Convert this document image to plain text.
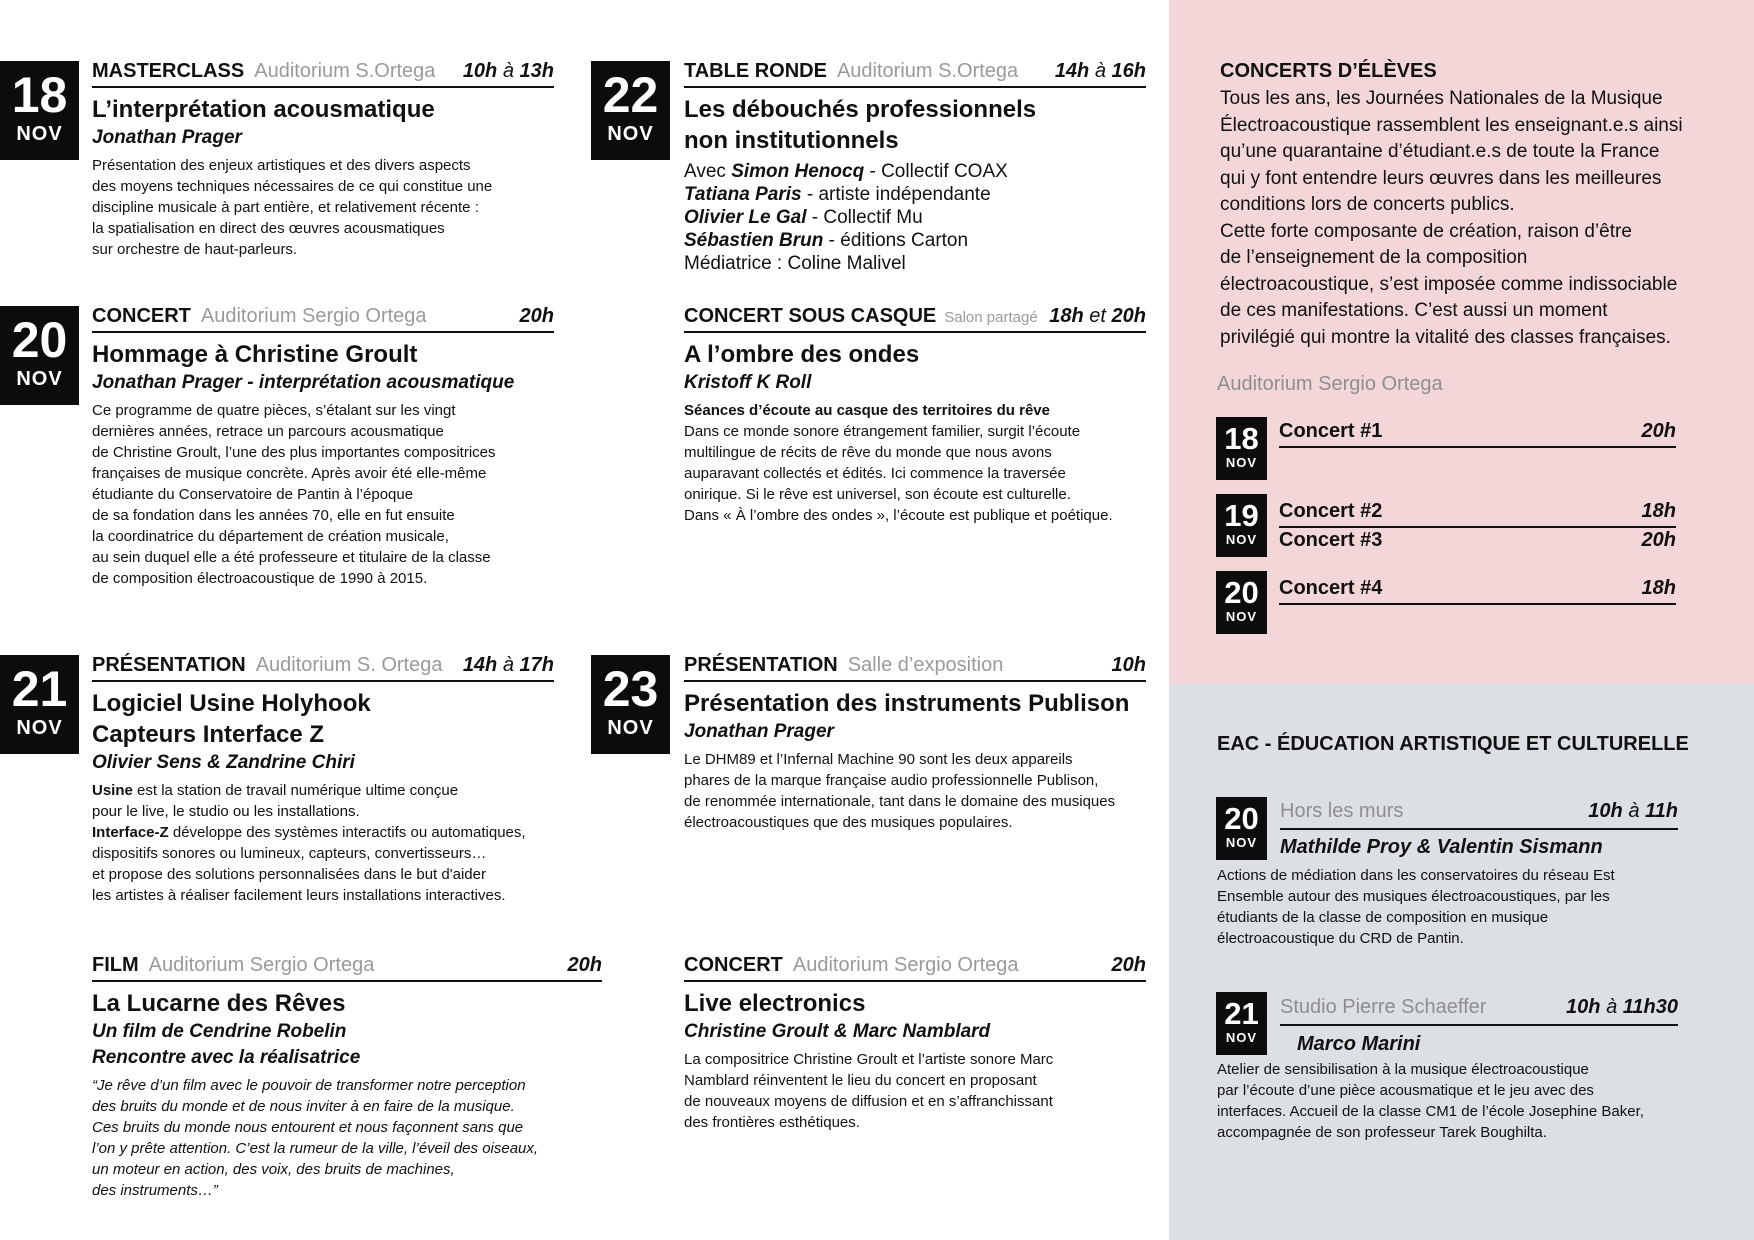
18
NOV
MASTERCLASS Auditorium S.Ortega 10h à 13h
L’interprétation acousmatique
Jonathan Prager
Présentation des enjeux artistiques et des divers aspects
des moyens techniques nécessaires de ce qui constitue une
discipline musicale à part entière, et relativement récente :
la spatialisation en direct des œuvres acousmatiques
sur orchestre de haut-parleurs.
22
NOV
TABLE RONDE Auditorium S.Ortega 14h à 16h
Les débouchés professionnels
non institutionnels
Avec Simon Henocq - Collectif COAX
Tatiana Paris - artiste indépendante
Olivier Le Gal - Collectif Mu
Sébastien Brun - éditions Carton
Médiatrice : Coline Malivel
20
NOV
CONCERT Auditorium Sergio Ortega	20h
Hommage à Christine Groult
Jonathan Prager - interprétation acousmatique
Ce programme de quatre pièces, s’étalant sur les vingt
dernières années, retrace un parcours acousmatique
de Christine Groult, l’une des plus importantes compositrices
françaises de musique concrète. Après avoir été elle-même
étudiante du Conservatoire de Pantin à l’époque
de sa fondation dans les années 70, elle en fut ensuite
la coordinatrice du département de création musicale,
au sein duquel elle a été professeure et titulaire de la classe
de composition électroacoustique de 1990 à 2015.
CONCERT SOUS CASQUE Salon partagé 18h et 20h
A l’ombre des ondes
Kristoff K Roll
Séances d’écoute au casque des territoires du rêve
Dans ce monde sonore étrangement familier, surgit l’écoute
multilingue de récits de rêve du monde que nous avons
auparavant collectés et édités. Ici commence la traversée
onirique. Si le rêve est universel, son écoute est culturelle.
Dans « À l’ombre des ondes », l’écoute est publique et poétique.
21
NOV
PRÉSENTATION Auditorium S. Ortega 14h à 17h
Logiciel Usine Holyhook
Capteurs Interface Z
Olivier Sens & Zandrine Chiri
Usine est la station de travail numérique ultime conçue
pour le live, le studio ou les installations.
Interface-Z développe des systèmes interactifs ou automatiques,
dispositifs sonores ou lumineux, capteurs, convertisseurs…
et propose des solutions personnalisées dans le but d'aider
les artistes à réaliser facilement leurs installations interactives.
23
NOV
PRÉSENTATION Salle d’exposition	10h
Présentation des instruments Publison
Jonathan Prager
Le DHM89 et l’Infernal Machine 90 sont les deux appareils
phares de la marque française audio professionnelle Publison,
de renommée internationale, tant dans le domaine des musiques
électroacoustiques que des musiques populaires.
FILM Auditorium Sergio Ortega	20h
La Lucarne des Rêves
Un film de Cendrine Robelin
Rencontre avec la réalisatrice
“Je rêve d’un film avec le pouvoir de transformer notre perception
des bruits du monde et de nous inviter à en faire de la musique.
Ces bruits du monde nous entourent et nous façonnent sans que
l’on y prête attention. C’est la rumeur de la ville, l’éveil des oiseaux,
un moteur en action, des voix, des bruits de machines,
des instruments…”
CONCERT Auditorium Sergio Ortega	20h
Live electronics
Christine Groult & Marc Namblard
La compositrice Christine Groult et l’artiste sonore Marc
Namblard réinventent le lieu du concert en proposant
de nouveaux moyens de diffusion et en s’affranchissant
des frontières esthétiques.
CONCERTS D’ÉLÈVES
Tous les ans, les Journées Nationales de la Musique
Électroacoustique rassemblent les enseignant.e.s ainsi
qu’une quarantaine d’étudiant.e.s de toute la France
qui y font entendre leurs œuvres dans les meilleures
conditions lors de concerts publics.
Cette forte composante de création, raison d’être
de l’enseignement de la composition
électroacoustique, s’est imposée comme indissociable
de ces manifestations. C’est aussi un moment
privilégié qui montre la vitalité des classes françaises.
Auditorium Sergio Ortega
18
NOV
Concert #1	20h
19
NOV
Concert #2	18h
Concert #3	20h
20
NOV
Concert #4	18h
EAC - ÉDUCATION ARTISTIQUE ET CULTURELLE
20
NOV
Hors les murs	10h à 11h
Mathilde Proy & Valentin Sismann
Actions de médiation dans les conservatoires du réseau Est
Ensemble autour des musiques électroacoustiques, par les
étudiants de la classe de composition en musique
électroacoustique du CRD de Pantin.
21
NOV
Studio Pierre Schaeffer	10h à 11h30
Marco Marini
Atelier de sensibilisation à la musique électroacoustique
par l’écoute d’une pièce acousmatique et le jeu avec des
interfaces. Accueil de la classe CM1 de l’école Josephine Baker,
accompagnée de son professeur Tarek Boughilta.
